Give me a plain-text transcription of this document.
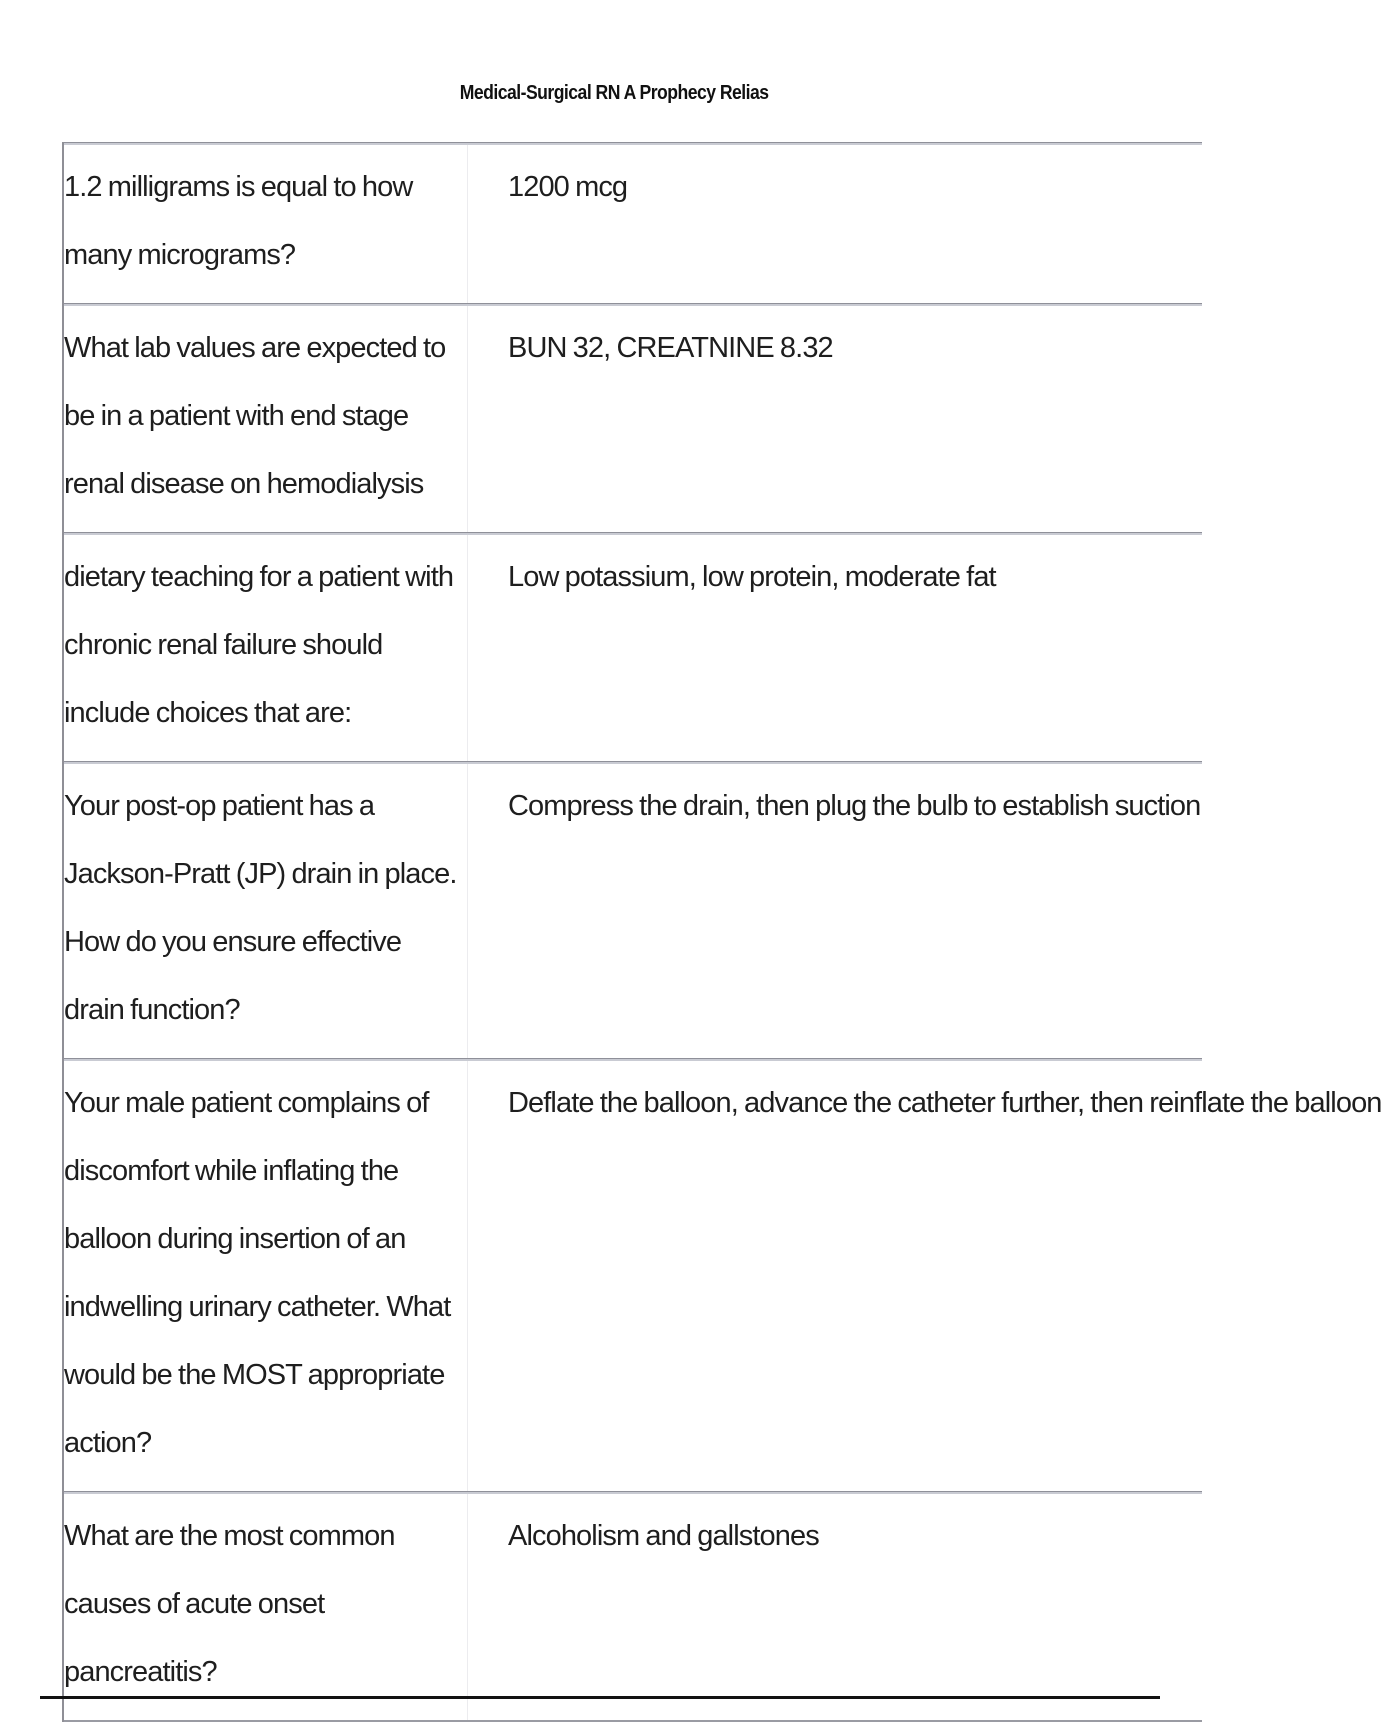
Medical-Surgical RN A Prophecy Relias
1.2 milligrams is equal to how many micrograms?
1200 mcg
What lab values are expected to be in a patient with end stage renal disease on hemodialysis
BUN 32, CREATNINE 8.32
dietary teaching for a patient with chronic renal failure should include choices that are:
Low potassium, low protein, moderate fat
Your post-op patient has a Jackson-Pratt (JP) drain in place. How do you ensure effective drain function?
Compress the drain, then plug the bulb to establish suction
Your male patient complains of discomfort while inflating the balloon during insertion of an indwelling urinary catheter. What would be the MOST appropriate action?
Deflate the balloon, advance the catheter further, then reinflate the balloon
What are the most common causes of acute onset pancreatitis?
Alcoholism and gallstones
